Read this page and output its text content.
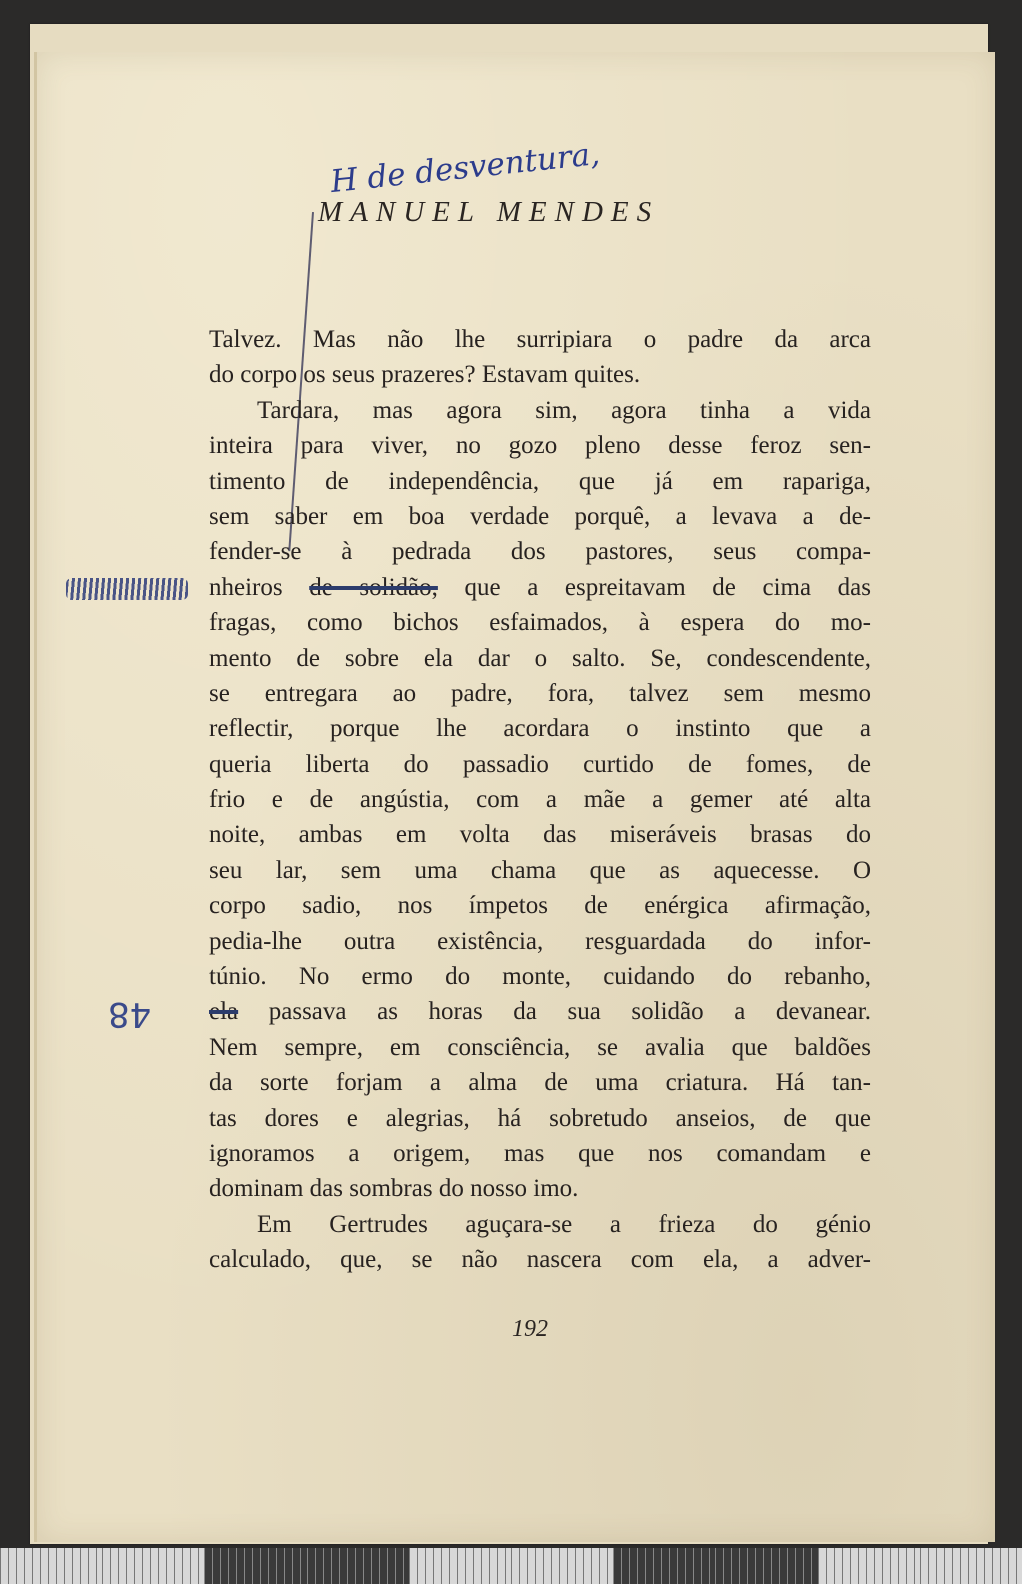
H de desventura,
MANUEL MENDES
48
Talvez. Mas não lhe surripiara o padre da arca
do corpo os seus prazeres? Estavam quites.
Tardara, mas agora sim, agora tinha a vida
inteira para viver, no gozo pleno desse feroz sen-
timento de independência, que já em rapariga,
sem saber em boa verdade porquê, a levava a de-
fender-se à pedrada dos pastores, seus compa-
nheiros de solidão, que a espreitavam de cima das
fragas, como bichos esfaimados, à espera do mo-
mento de sobre ela dar o salto. Se, condescendente,
se entregara ao padre, fora, talvez sem mesmo
reflectir, porque lhe acordara o instinto que a
queria liberta do passadio curtido de fomes, de
frio e de angústia, com a mãe a gemer até alta
noite, ambas em volta das miseráveis brasas do
seu lar, sem uma chama que as aquecesse. O
corpo sadio, nos ímpetos de enérgica afirmação,
pedia-lhe outra existência, resguardada do infor-
túnio. No ermo do monte, cuidando do rebanho,
ela passava as horas da sua solidão a devanear.
Nem sempre, em consciência, se avalia que baldões
da sorte forjam a alma de uma criatura. Há tan-
tas dores e alegrias, há sobretudo anseios, de que
ignoramos a origem, mas que nos comandam e
dominam das sombras do nosso imo.
Em Gertrudes aguçara-se a frieza do génio
calculado, que, se não nascera com ela, a adver-
192
